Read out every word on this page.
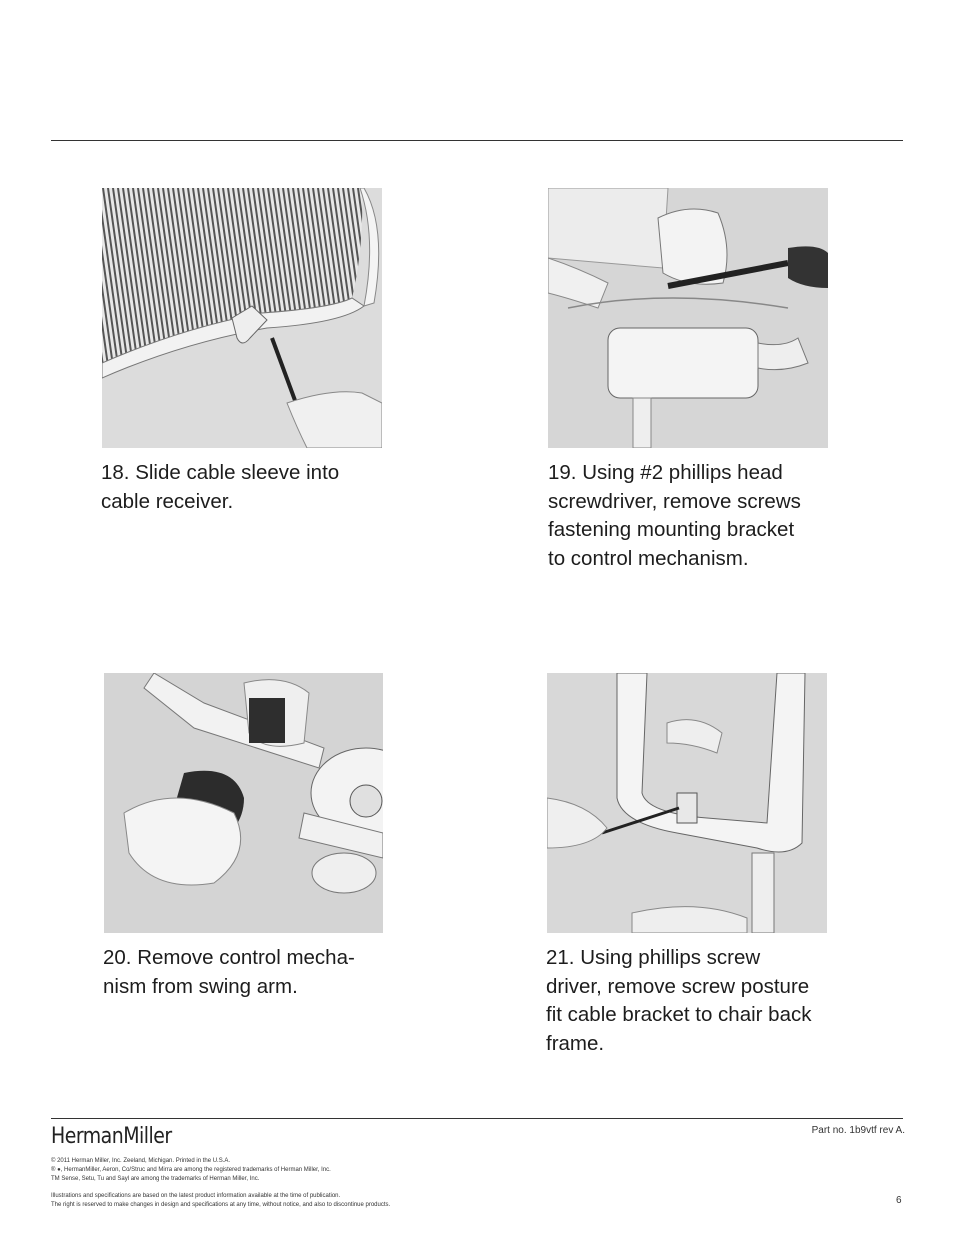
18. Slide cable sleeve into
cable receiver.

19. Using #2 phillips head
screwdriver, remove screws
fastening mounting bracket
to control mechanism.

20. Remove control mecha-
nism from swing arm.

21. Using phillips screw
driver, remove screw posture
fit cable bracket to chair back
frame.

HermanMiller	Part no. 1b9vtf rev A.
© 2011 Herman Miller, Inc. Zeeland, Michigan. Printed in the U.S.A.
® ●, HermanMiller, Aeron, Co/Struc and Mirra are among the registered trademarks of Herman Miller, Inc.
TM Sense, Setu, Tu and Sayl are among the trademarks of Herman Miller, Inc.
Illustrations and specifications are based on the latest product information available at the time of publication.
The right is reserved to make changes in design and specifications at any time, without notice, and also to discontinue products.	6
